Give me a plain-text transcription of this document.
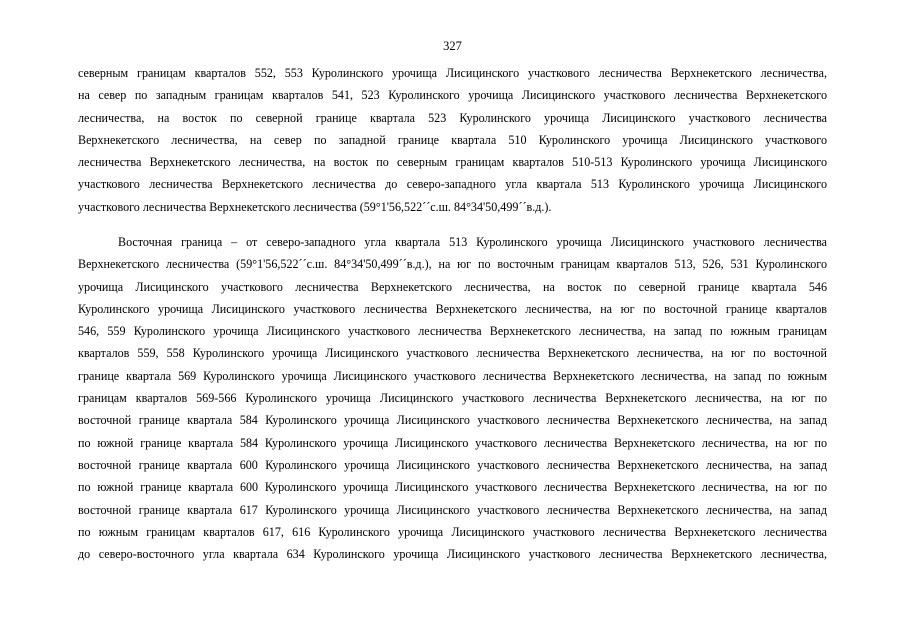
327
северным границам кварталов 552, 553 Куролинского урочища Лисицинского участкового лесничества Верхнекетского лесничества,
на север по западным границам кварталов 541, 523 Куролинского урочища Лисицинского участкового лесничества Верхнекетского
лесничества, на восток по северной границе квартала 523 Куролинского урочища Лисицинского участкового лесничества
Верхнекетского лесничества, на север по западной границе квартала 510 Куролинского урочища Лисицинского участкового
лесничества Верхнекетского лесничества, на восток по северным границам кварталов 510-513 Куролинского урочища Лисицинского
участкового лесничества Верхнекетского лесничества до северо-западного угла квартала 513 Куролинского урочища Лисицинского
участкового лесничества Верхнекетского лесничества (59°1'56,522´´с.ш. 84°34'50,499´´в.д.).
Восточная граница – от северо-западного угла квартала 513 Куролинского урочища Лисицинского участкового лесничества
Верхнекетского лесничества (59°1'56,522´´с.ш. 84°34'50,499´´в.д.), на юг по восточным границам кварталов 513, 526, 531 Куролинского
урочища Лисицинского участкового лесничества Верхнекетского лесничества, на восток по северной границе квартала 546
Куролинского урочища Лисицинского участкового лесничества Верхнекетского лесничества, на юг по восточной границе кварталов
546, 559 Куролинского урочища Лисицинского участкового лесничества Верхнекетского лесничества, на запад по южным границам
кварталов 559, 558 Куролинского урочища Лисицинского участкового лесничества Верхнекетского лесничества, на юг по восточной
границе квартала 569 Куролинского урочища Лисицинского участкового лесничества Верхнекетского лесничества, на запад по южным
границам кварталов 569-566 Куролинского урочища Лисицинского участкового лесничества Верхнекетского лесничества, на юг по
восточной границе квартала 584 Куролинского урочища Лисицинского участкового лесничества Верхнекетского лесничества, на запад
по южной границе квартала 584 Куролинского урочища Лисицинского участкового лесничества Верхнекетского лесничества, на юг по
восточной границе квартала 600 Куролинского урочища Лисицинского участкового лесничества Верхнекетского лесничества, на запад
по южной границе квартала 600 Куролинского урочища Лисицинского участкового лесничества Верхнекетского лесничества, на юг по
восточной границе квартала 617 Куролинского урочища Лисицинского участкового лесничества Верхнекетского лесничества, на запад
по южным границам кварталов 617, 616 Куролинского урочища Лисицинского участкового лесничества Верхнекетского лесничества
до северо-восточного угла квартала 634 Куролинского урочища Лисицинского участкового лесничества Верхнекетского лесничества,
